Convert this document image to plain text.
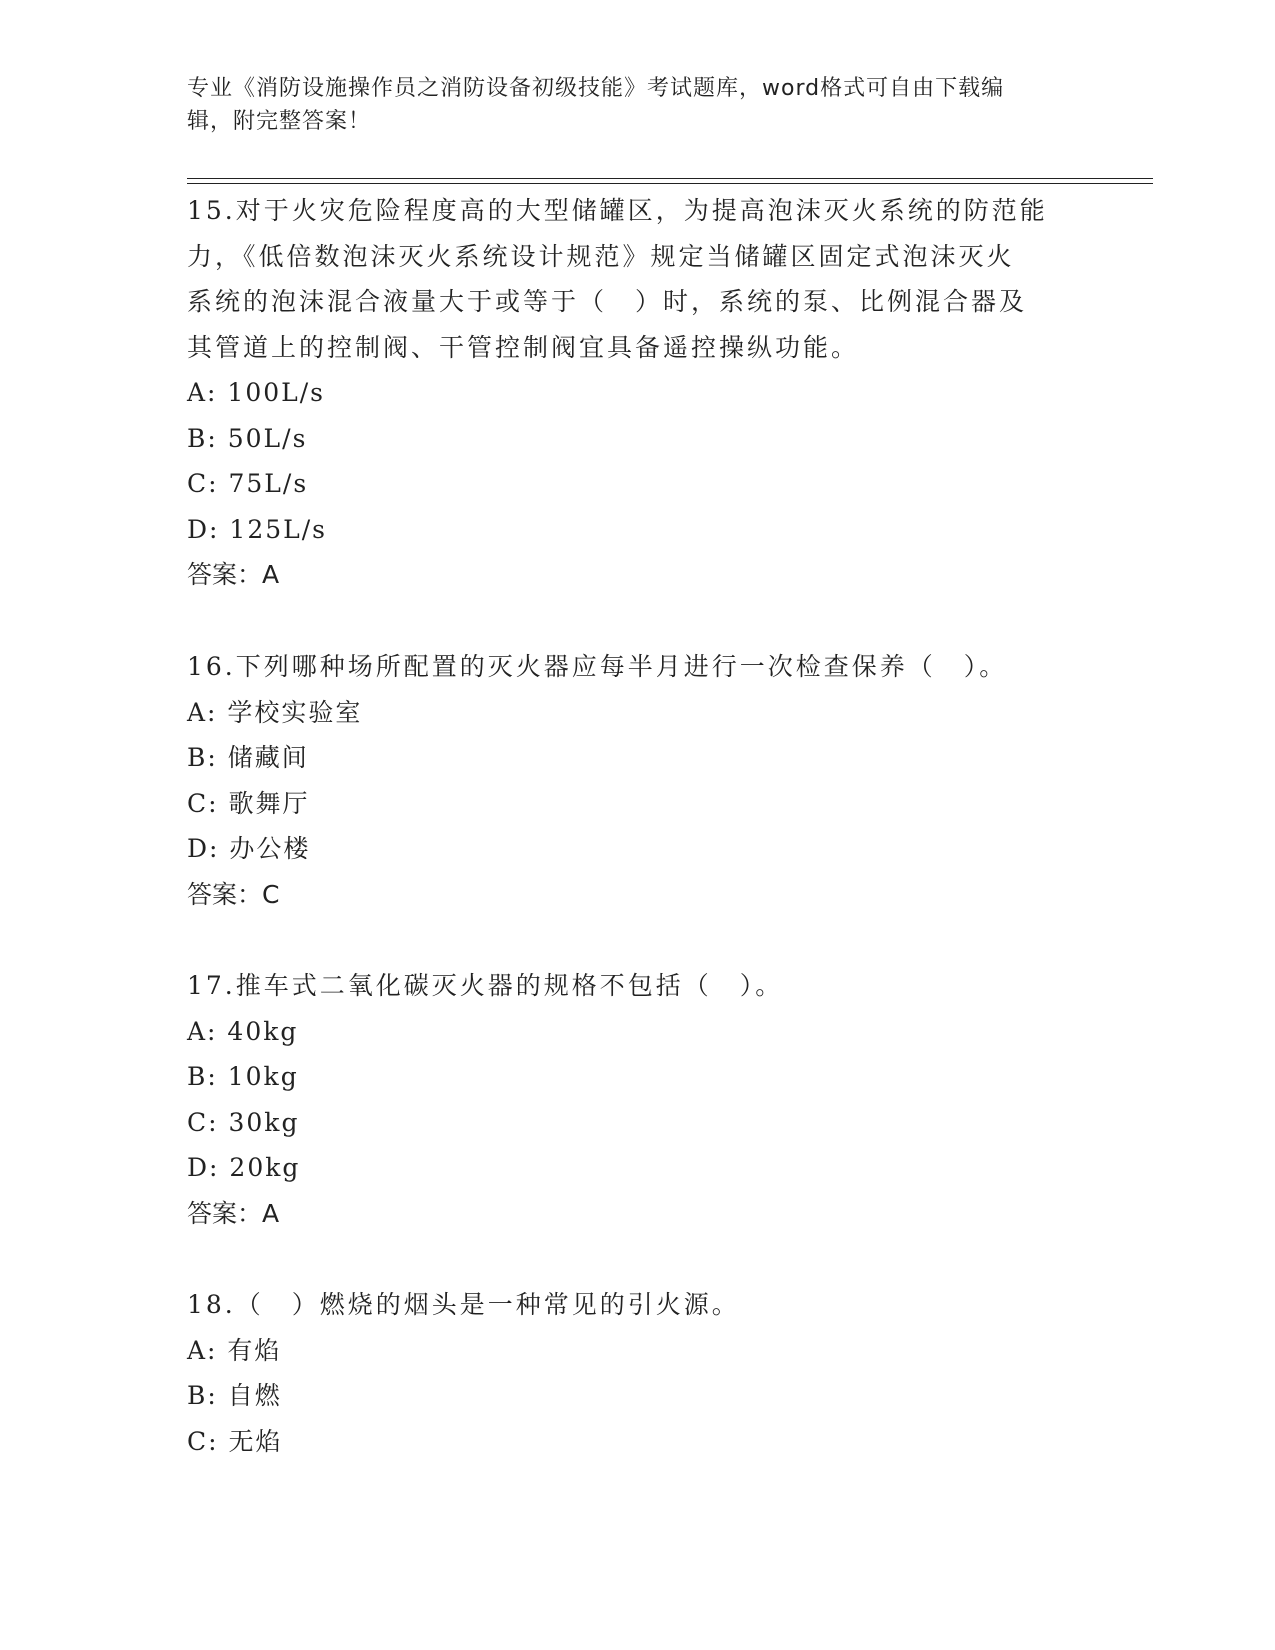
专业《消防设施操作员之消防设备初级技能》考试题库，word格式可自由下载编
辑，附完整答案！
15.对于火灾危险程度高的大型储罐区，为提高泡沫灭火系统的防范能
力，《低倍数泡沫灭火系统设计规范》规定当储罐区固定式泡沫灭火
系统的泡沫混合液量大于或等于（　）时，系统的泵、比例混合器及
其管道上的控制阀、干管控制阀宜具备遥控操纵功能。
A: 100L/s
B: 50L/s
C: 75L/s
D: 125L/s
答案：A
16.下列哪种场所配置的灭火器应每半月进行一次检查保养（　）。
A: 学校实验室
B: 储藏间
C: 歌舞厅
D: 办公楼
答案：C
17.推车式二氧化碳灭火器的规格不包括（　）。
A: 40kg
B: 10kg
C: 30kg
D: 20kg
答案：A
18.（　）燃烧的烟头是一种常见的引火源。
A: 有焰
B: 自燃
C: 无焰
